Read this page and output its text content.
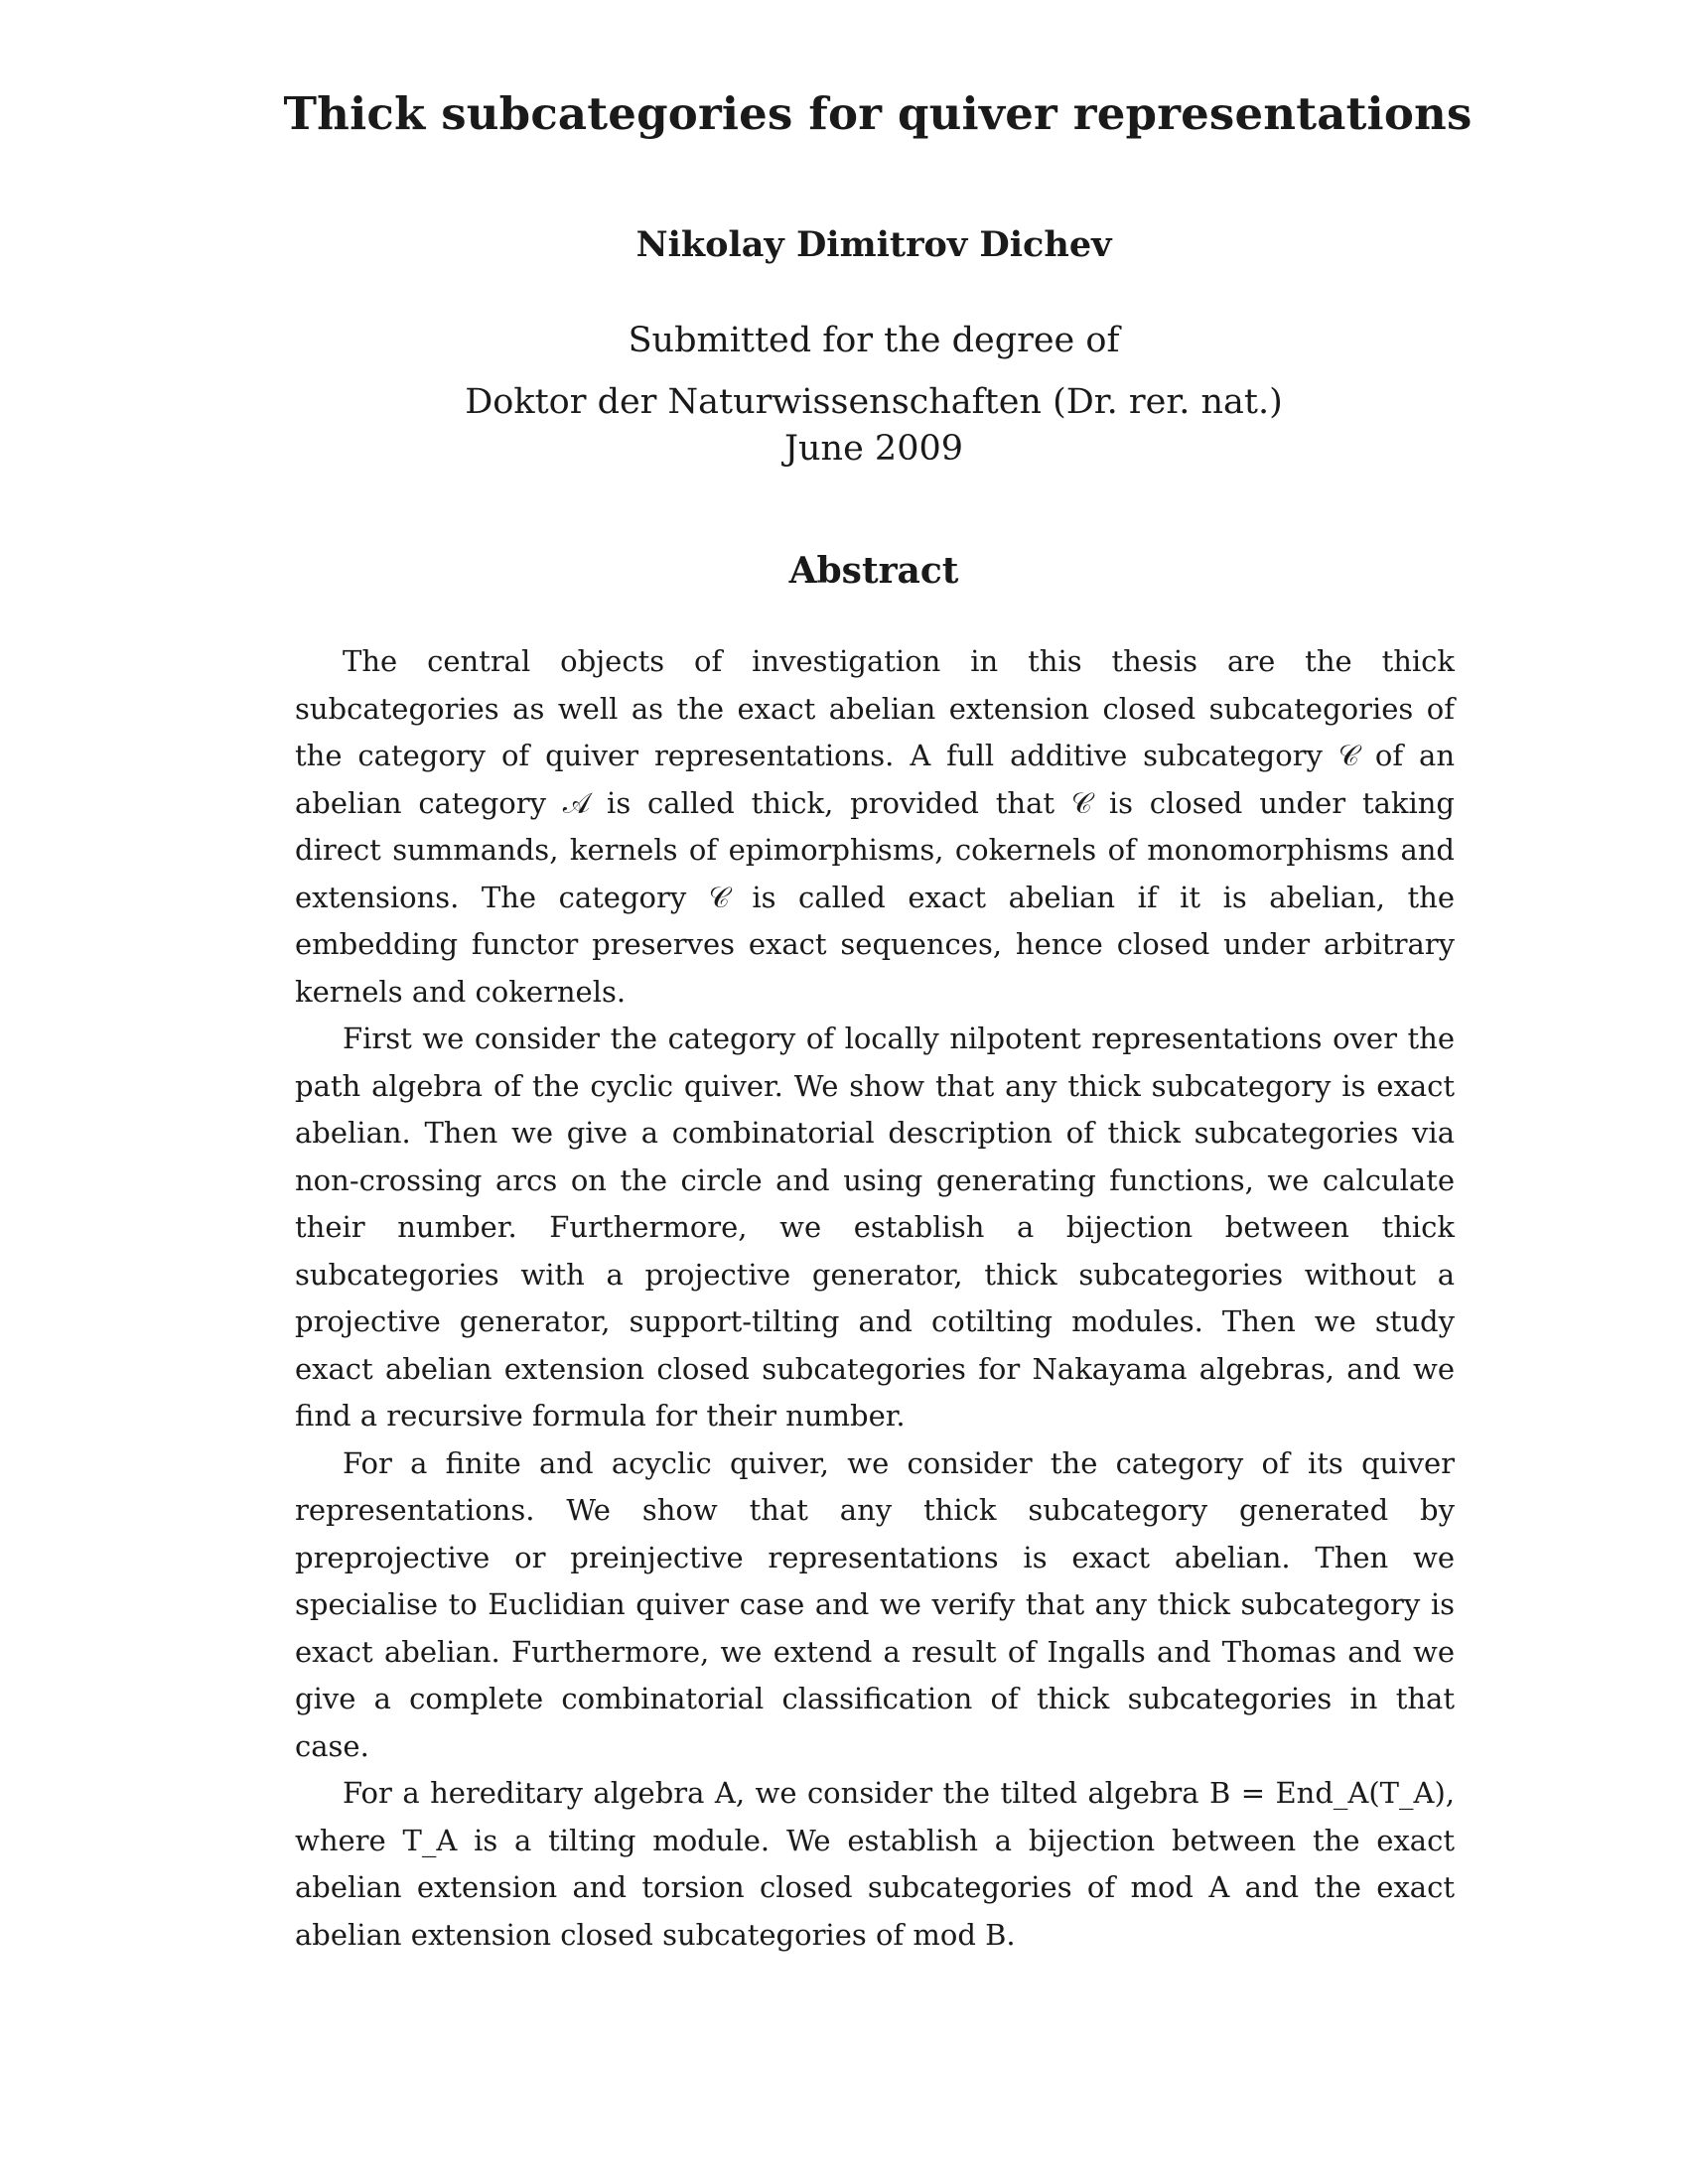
Thick subcategories for quiver representations
Nikolay Dimitrov Dichev
Submitted for the degree of
Doktor der Naturwissenschaften (Dr. rer. nat.)
June 2009
Abstract

The central objects of investigation in this thesis are the thick subcategories as well as the exact abelian extension closed subcategories of the category of quiver representations. A full additive subcategory 𝒞 of an abelian category 𝒜 is called thick, provided that 𝒞 is closed under taking direct summands, kernels of epimorphisms, cokernels of monomorphisms and extensions. The category 𝒞 is called exact abelian if it is abelian, the embedding functor preserves exact sequences, hence closed under arbitrary kernels and cokernels.

First we consider the category of locally nilpotent representations over the path algebra of the cyclic quiver. We show that any thick subcategory is exact abelian. Then we give a combinatorial description of thick subcategories via non-crossing arcs on the circle and using generating functions, we calculate their number. Furthermore, we establish a bijection between thick subcategories with a projective generator, thick subcategories without a projective generator, support-tilting and cotilting modules. Then we study exact abelian extension closed subcategories for Nakayama algebras, and we find a recursive formula for their number.

For a finite and acyclic quiver, we consider the category of its quiver representations. We show that any thick subcategory generated by preprojective or preinjective representations is exact abelian. Then we specialise to Euclidian quiver case and we verify that any thick subcategory is exact abelian. Furthermore, we extend a result of Ingalls and Thomas and we give a complete combinatorial classification of thick subcategories in that case.

For a hereditary algebra A, we consider the tilted algebra B = End_A(T_A), where T_A is a tilting module. We establish a bijection between the exact abelian extension and torsion closed subcategories of mod A and the exact abelian extension closed subcategories of mod B.
